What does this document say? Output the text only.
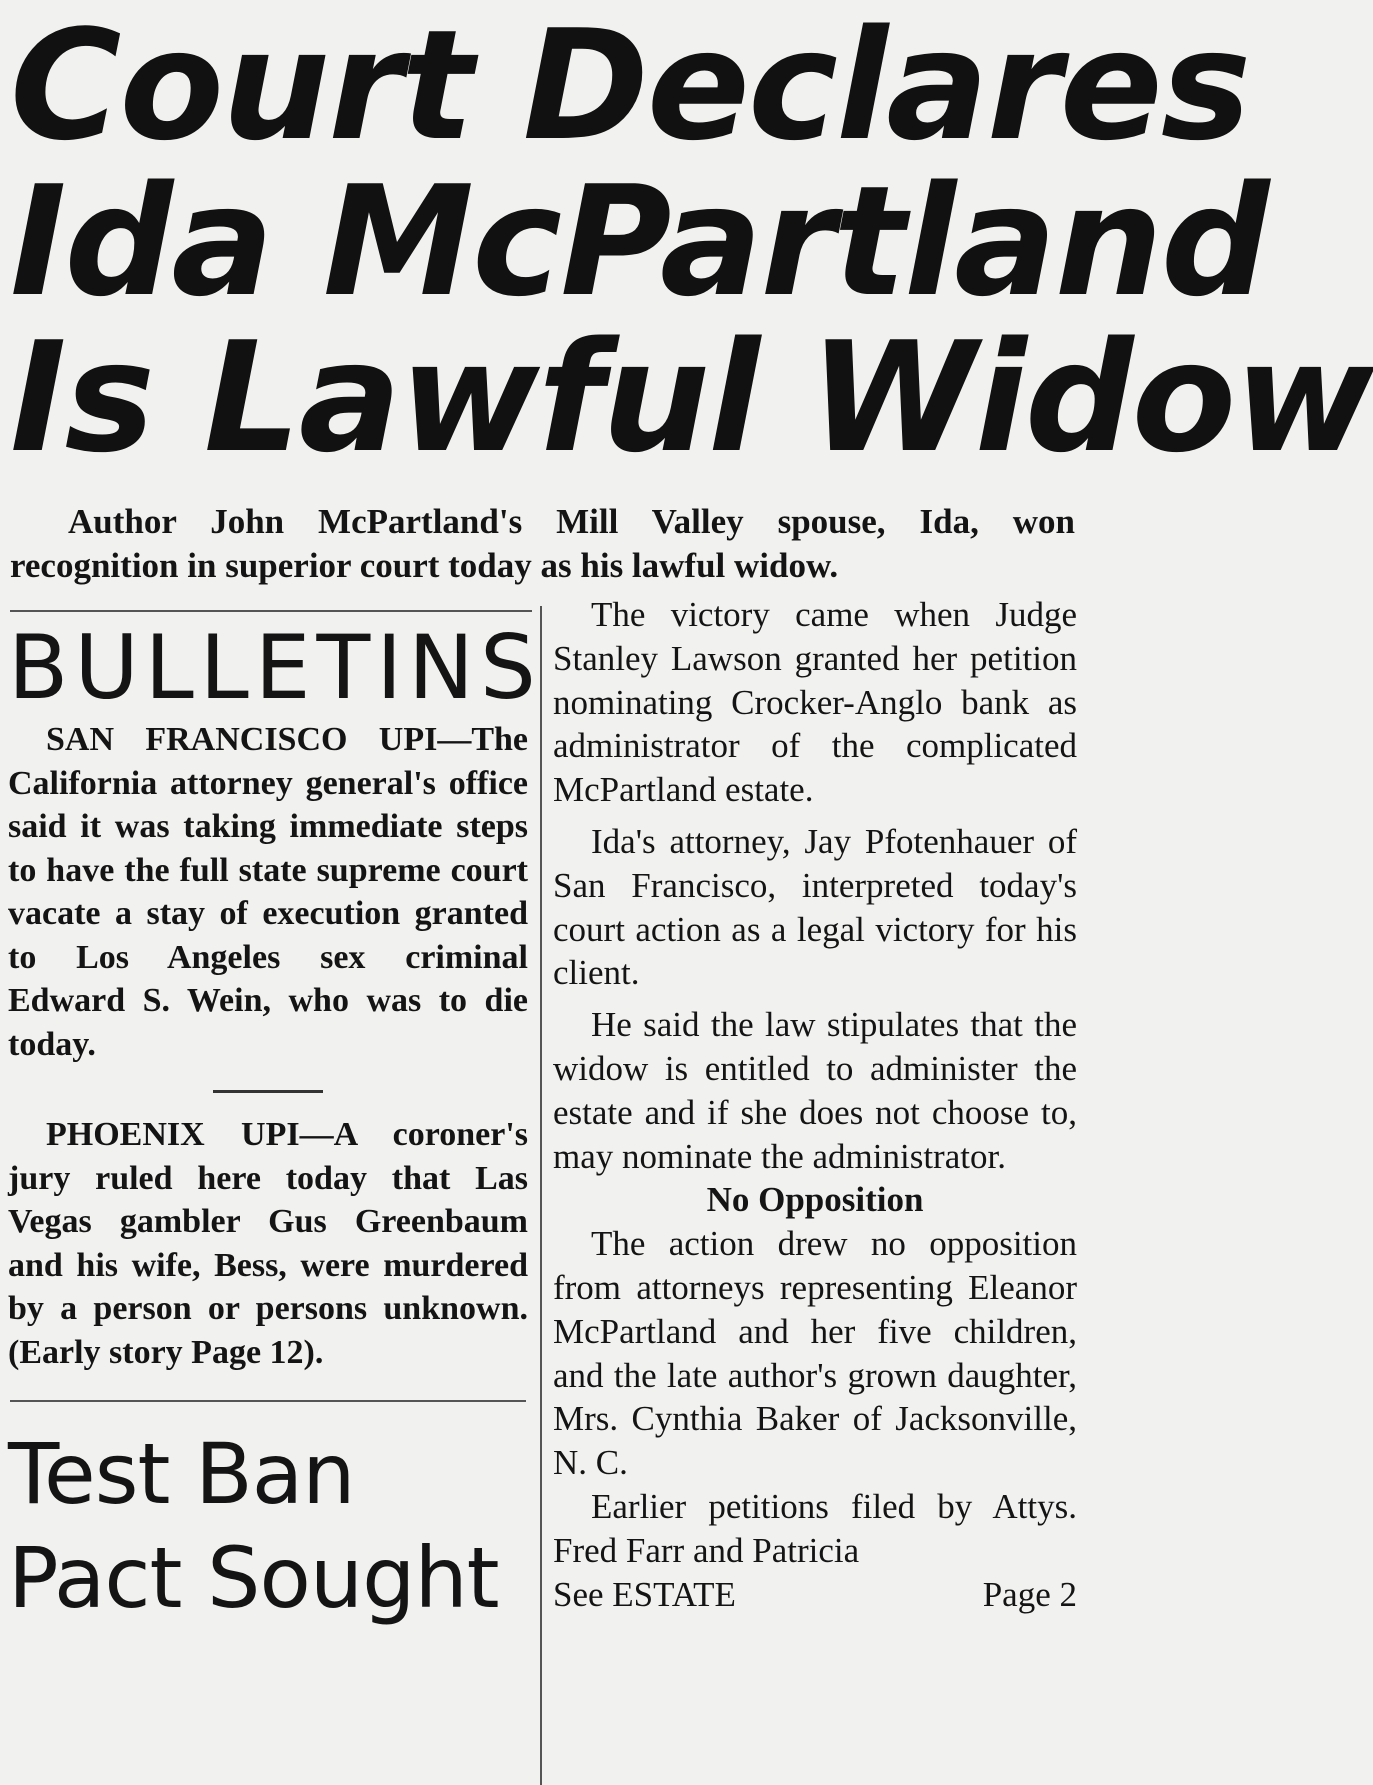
Court Declares
Ida McPartland
Is Lawful Widow
Author John McPartland's Mill Valley spouse, Ida, won recognition in superior court today as his lawful widow.
BULLETINS

SAN FRANCISCO UPI—The California attorney general's office said it was taking immediate steps to have the full state supreme court vacate a stay of execution granted to Los Angeles sex criminal Edward S. Wein, who was to die today.

PHOENIX UPI—A coroner's jury ruled here today that Las Vegas gambler Gus Greenbaum and his wife, Bess, were murdered by a person or persons unknown. (Early story Page 12).

Test Ban
Pact Sought

The victory came when Judge Stanley Lawson granted her petition nominating Crocker-Anglo bank as administrator of the complicated McPartland estate.

Ida's attorney, Jay Pfotenhauer of San Francisco, interpreted today's court action as a legal victory for his client.

He said the law stipulates that the widow is entitled to administer the estate and if she does not choose to, may nominate the administrator.

No Opposition

The action drew no opposition from attorneys representing Eleanor McPartland and her five children, and the late author's grown daughter, Mrs. Cynthia Baker of Jacksonville, N. C.

Earlier petitions filed by Attys. Fred Farr and Patricia

See ESTATE	Page 2
